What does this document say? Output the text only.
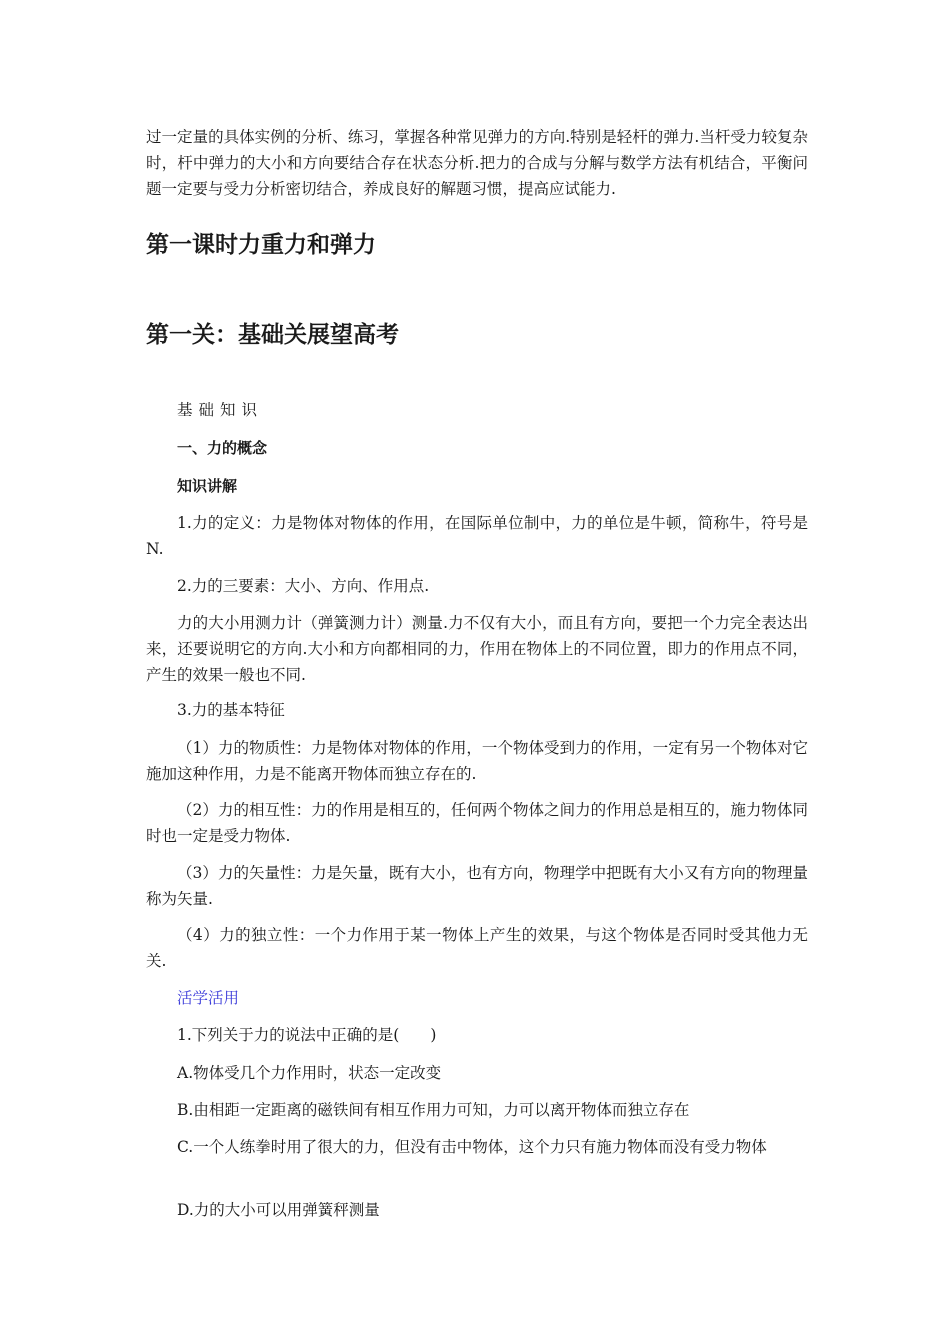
过一定量的具体实例的分析、练习，掌握各种常见弹力的方向.特别是轻杆的弹力.当杆受力较复杂时，杆中弹力的大小和方向要结合存在状态分析.把力的合成与分解与数学方法有机结合，平衡问题一定要与受力分析密切结合，养成良好的解题习惯，提高应试能力.

第一课时力重力和弹力
第一关：基础关展望高考

基础知识

一、力的概念

知识讲解

1.力的定义：力是物体对物体的作用，在国际单位制中，力的单位是牛顿，简称牛，符号是N.

2.力的三要素：大小、方向、作用点.

力的大小用测力计（弹簧测力计）测量.力不仅有大小，而且有方向，要把一个力完全表达出来，还要说明它的方向.大小和方向都相同的力，作用在物体上的不同位置，即力的作用点不同，产生的效果一般也不同.

3.力的基本特征

（1）力的物质性：力是物体对物体的作用，一个物体受到力的作用，一定有另一个物体对它施加这种作用，力是不能离开物体而独立存在的.

（2）力的相互性：力的作用是相互的，任何两个物体之间力的作用总是相互的，施力物体同时也一定是受力物体.

（3）力的矢量性：力是矢量，既有大小，也有方向，物理学中把既有大小又有方向的物理量称为矢量.

（4）力的独立性：一个力作用于某一物体上产生的效果，与这个物体是否同时受其他力无关.

活学活用

1.下列关于力的说法中正确的是(　　)

A.物体受几个力作用时，状态一定改变

B.由相距一定距离的磁铁间有相互作用力可知，力可以离开物体而独立存在

C.一个人练拳时用了很大的力，但没有击中物体，这个力只有施力物体而没有受力物体

D.力的大小可以用弹簧秤测量
